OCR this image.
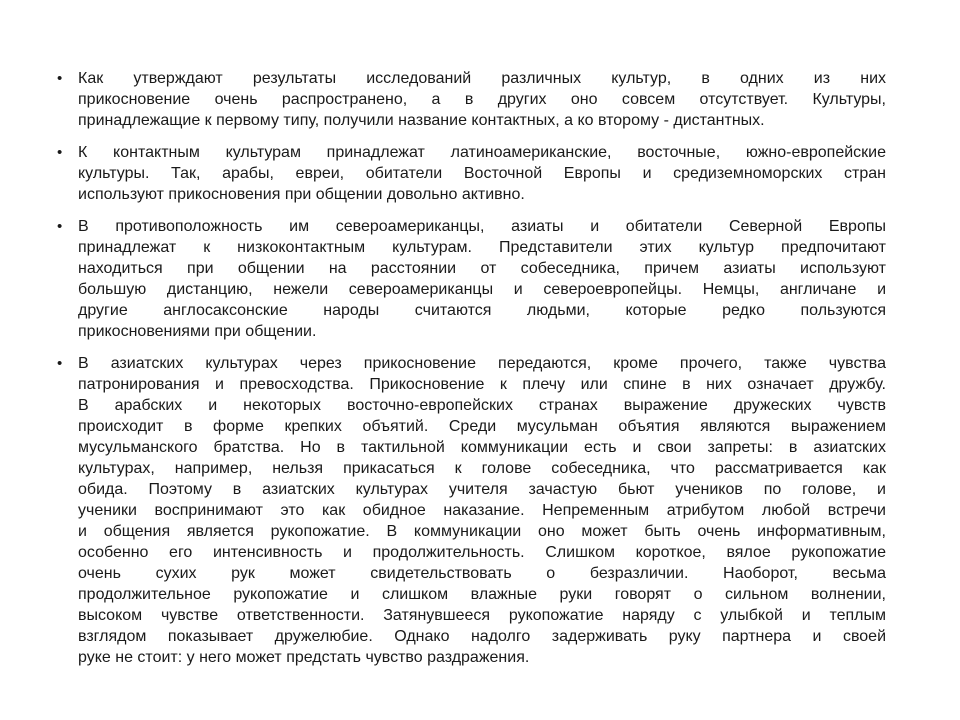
• Как утверждают результаты исследований различных культур, в одних из них
прикосновение очень распространено, а в других оно совсем отсутствует. Культуры,
принадлежащие к первому типу, получили название контактных, а ко второму - дистантных.
• К контактным культурам принадлежат латиноамериканские, восточные, южно-европейские
культуры. Так, арабы, евреи, обитатели Восточной Европы и средиземноморских стран
используют прикосновения при общении довольно активно.
• В противоположность им североамериканцы, азиаты и обитатели Северной Европы
принадлежат к низкоконтактным культурам. Представители этих культур предпочитают
находиться при общении на расстоянии от собеседника, причем азиаты используют
большую дистанцию, нежели североамериканцы и североевропейцы. Немцы, англичане и
другие англосаксонские народы считаются людьми, которые редко пользуются
прикосновениями при общении.
• В азиатских культурах через прикосновение передаются, кроме прочего, также чувства
патронирования и превосходства. Прикосновение к плечу или спине в них означает дружбу.
В арабских и некоторых восточно-европейских странах выражение дружеских чувств
происходит в форме крепких объятий. Среди мусульман объятия являются выражением
мусульманского братства. Но в тактильной коммуникации есть и свои запреты: в азиатских
культурах, например, нельзя прикасаться к голове собеседника, что рассматривается как
обида. Поэтому в азиатских культурах учителя зачастую бьют учеников по голове, и
ученики воспринимают это как обидное наказание. Непременным атрибутом любой встречи
и общения является рукопожатие. В коммуникации оно может быть очень информативным,
особенно его интенсивность и продолжительность. Слишком короткое, вялое рукопожатие
очень сухих рук может свидетельствовать о безразличии. Наоборот, весьма
продолжительное рукопожатие и слишком влажные руки говорят о сильном волнении,
высоком чувстве ответственности. Затянувшееся рукопожатие наряду с улыбкой и теплым
взглядом показывает дружелюбие. Однако надолго задерживать руку партнера и своей
руке не стоит: у него может предстать чувство раздражения.
